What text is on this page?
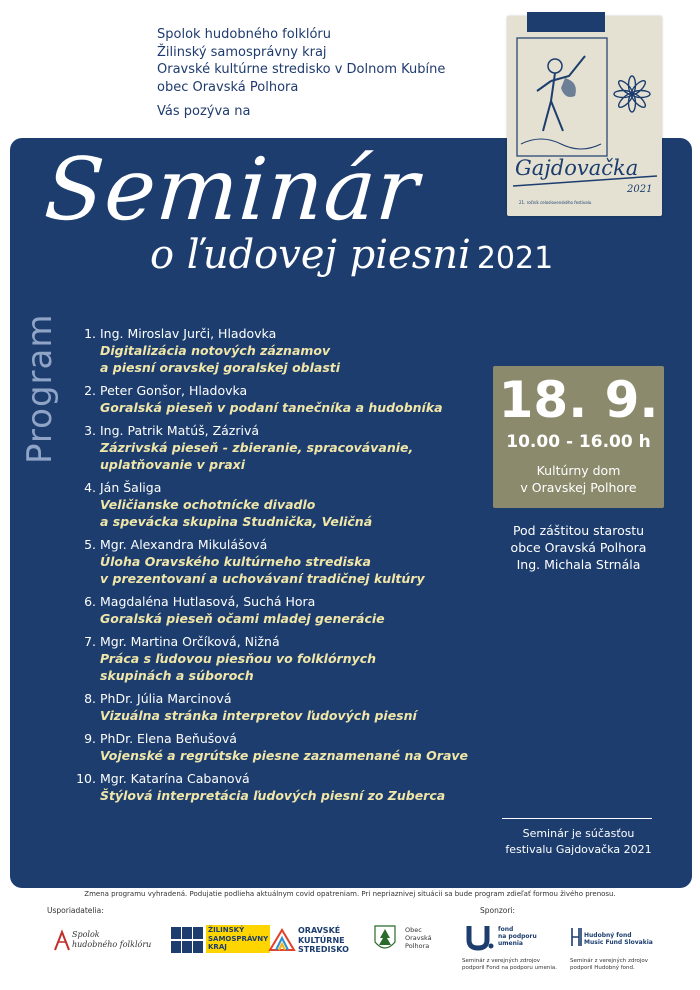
Spolok hudobného folklóru
Žilinský samosprávny kraj
Oravské kultúrne stredisko v Dolnom Kubíne
obec Oravská Polhora
Vás pozýva na
Seminár
o ľudovej piesni 2021
Program	1. Ing. Miroslav Jurči, Hladovka
Digitalizácia notových záznamov
a piesní oravskej goralskej oblasti
2. Peter Gonšor, Hladovka
Goralská pieseň v podaní tanečníka a hudobníka
3. Ing. Patrik Matúš, Zázrivá
Zázrivská pieseň - zbieranie, spracovávanie,
uplatňovanie v praxi
4. Ján Šaliga
Veličianske ochotnícke divadlo
a spevácka skupina Studnička, Veličná
5. Mgr. Alexandra Mikulášová
Úloha Oravského kultúrneho strediska
v prezentovaní a uchovávaní tradičnej kultúry
6. Magdaléna Hutlasová, Suchá Hora
Goralská pieseň očami mladej generácie
7. Mgr. Martina Orčíková, Nižná
Práca s ľudovou piesňou vo folklórnych
skupinách a súboroch
8. PhDr. Júlia Marcinová
Vizuálna stránka interpretov ľudových piesní
9. PhDr. Elena Beňušová
Vojenské a regrútske piesne zaznamenané na Orave
10. Mgr. Katarína Cabanová
Štýlová interpretácia ľudových piesní zo Zuberca
18. 9.
10.00 - 16.00 h
Kultúrny dom
v Oravskej Polhore
Pod záštitou starostu
obce Oravská Polhora
Ing. Michala Strnála
Seminár je súčasťou
festivalu Gajdovačka 2021
Gajdovačka
2021
21. ročník celoslovenského festivalu
Zmena programu vyhradená. Podujatie podlieha aktuálnym covid opatreniam. Pri nepriaznivej situácii sa bude program zdieľať formou živého prenosu.
Usporiadatelia:	Sponzori:
Spolok
hudobného folklóru
ŽILINSKÝ
SAMOSPRÁVNY
KRAJ
ORAVSKÉ
KULTÚRNE
STREDISKO
Obec
Oravská
Polhora
fond
na podporu
umenia
Seminár z verejných zdrojov
podporil Fond na podporu umenia.
Hudobný fond
Music Fund Slovakia
Seminár z verejných zdrojov
podporil Hudobný fond.
